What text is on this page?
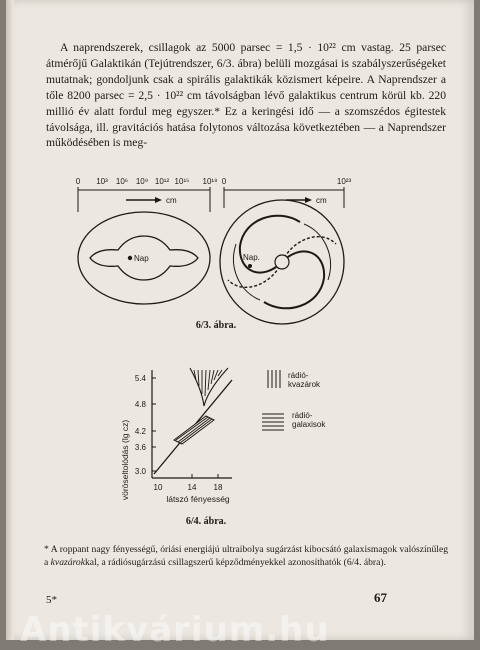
A naprendszerek, csillagok az 5000 parsec = 1,5 · 10²² cm vastag. 25 parsec átmérőjű Galaktikán (Tejútrendszer, 6/3. ábra) belüli mozgásai is szabályszerűségeket mutatnak; gondoljunk csak a spirális galaktikák közismert képeire. A Naprendszer a tőle 8200 parsec = 2,5 · 10²² cm távolságban lévő galaktikus centrum körül kb. 220 millió év alatt fordul meg egyszer.* Ez a keringési idő — a szomszédos égitestek távolsága, ill. gravitációs hatása folytonos változása következtében — a Naprendszer működésében is meg-

0 10³ 10⁶ 10⁹ 10¹² 10¹⁵ 10¹⁸
cm
Nap
0	10²³
cm
Nap.
6/3. ábra.
vöröseltolódás (lg cz)
5.4
4.8
4.2
3.6
3.0
10	14 18
látszó fényesség
rádió-
kvazárok
rádió-
galaxisok
6/4. ábra.
* A roppant nagy fényességű, óriási energiájú ultraibolya sugárzást kibocsátó galaxismagok valószínűleg a kvazárokkal, a rádiósugárzású csillagszerű képződményekkel azonosíthatók (6/4. ábra).
5*	67
Antikvárium.hu
